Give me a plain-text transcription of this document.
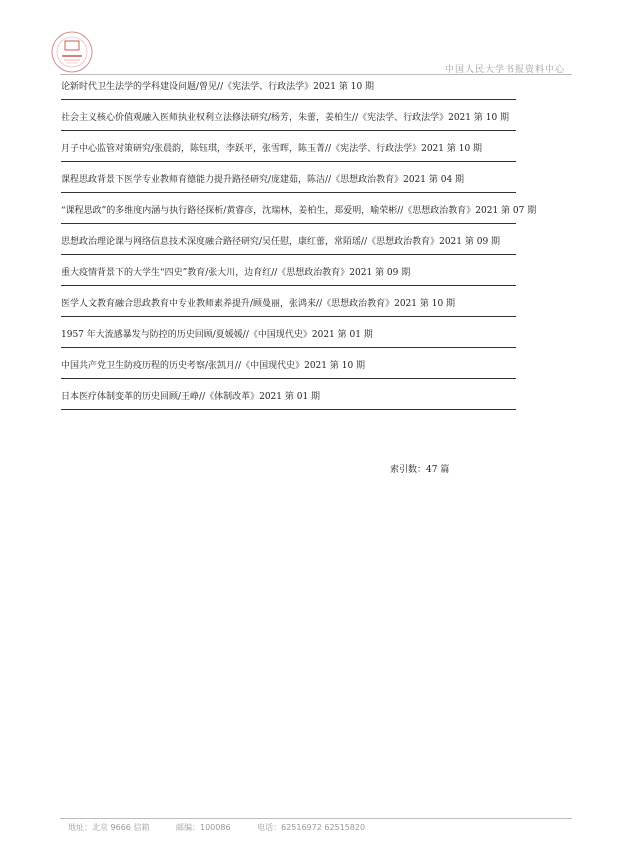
中国人民大学书报资料中心
论新时代卫生法学的学科建设问题/曾见//《宪法学、行政法学》2021 第 10 期
社会主义核心价值观融入医师执业权利立法修法研究/杨芳，朱蕾，姜柏生//《宪法学、行政法学》2021 第 10 期
月子中心监管对策研究/张晨韵，陈钰琪，李跃平，张雪晖，陈玉菁//《宪法学、行政法学》2021 第 10 期
课程思政背景下医学专业教师育德能力提升路径研究/庞建茹，陈洁//《思想政治教育》2021 第 04 期
“课程思政”的多维度内涵与执行路径探析/黄睿彦，沈瑞林，姜柏生，郑爱明，喻荣彬//《思想政治教育》2021 第 07 期
思想政治理论课与网络信息技术深度融合路径研究/吴任慰，康红蕾，常陌瑶//《思想政治教育》2021 第 09 期
重大疫情背景下的大学生“四史”教育/张大川，边育红//《思想政治教育》2021 第 09 期
医学人文教育融合思政教育中专业教师素养提升/顾曼丽，张鸿来//《思想政治教育》2021 第 10 期
1957 年大流感暴发与防控的历史回顾/夏媛媛//《中国现代史》2021 第 01 期
中国共产党卫生防疫历程的历史考察/张凯月//《中国现代史》2021 第 10 期
日本医疗体制变革的历史回顾/王峥//《体制改革》2021 第 01 期
索引数：47 篇
地址：北京 9666 信箱	邮编：100086	电话：62516972 62515820
